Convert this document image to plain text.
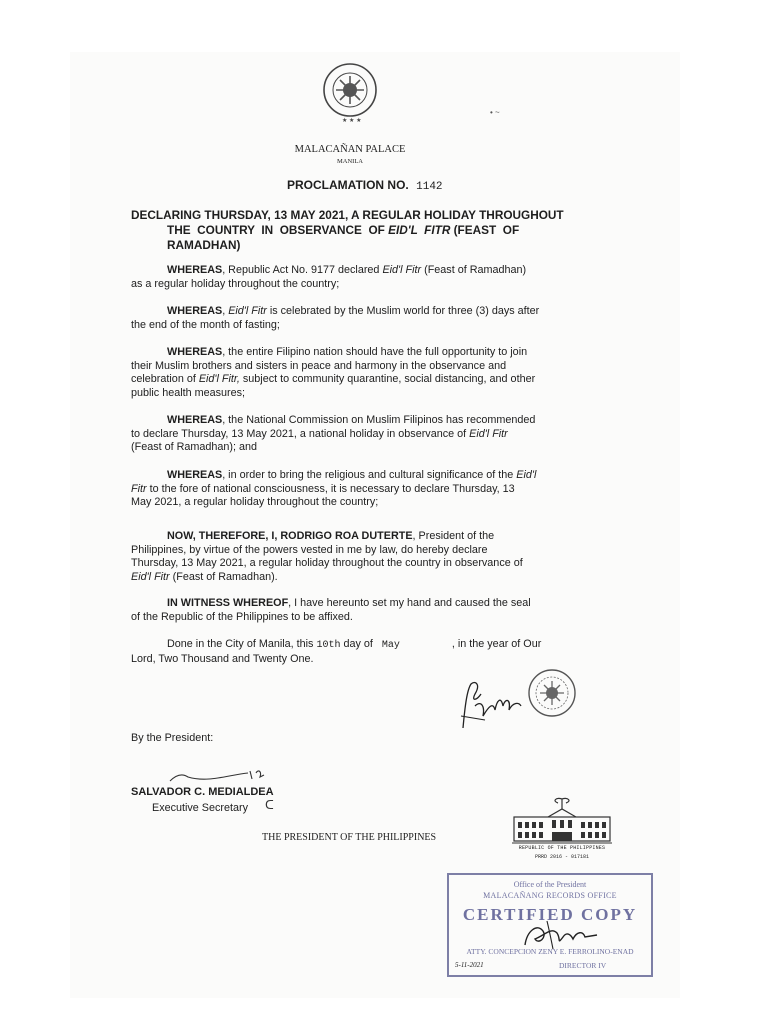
★ ★ ★
• ~
MALACAÑAN PALACE
MANILA
PROCLAMATION NO. 1142
DECLARING THURSDAY, 13 MAY 2021, A REGULAR HOLIDAY THROUGHOUT
THE  COUNTRY  IN  OBSERVANCE  OF EID'L  FITR (FEAST  OF
RAMADHAN)
WHEREAS, Republic Act No. 9177 declared Eid'l Fitr (Feast of Ramadhan)
as a regular holiday throughout the country;
WHEREAS, Eid'l Fitr is celebrated by the Muslim world for three (3) days after
the end of the month of fasting;
WHEREAS, the entire Filipino nation should have the full opportunity to join
their Muslim brothers and sisters in peace and harmony in the observance and
celebration of Eid'l Fitr, subject to community quarantine, social distancing, and other
public health measures;
WHEREAS, the National Commission on Muslim Filipinos has recommended
to declare Thursday, 13 May 2021, a national holiday in observance of Eid'l Fitr
(Feast of Ramadhan); and
WHEREAS, in order to bring the religious and cultural significance of the Eid'l
Fitr to the fore of national consciousness, it is necessary to declare Thursday, 13
May 2021, a regular holiday throughout the country;
NOW, THEREFORE, I, RODRIGO ROA DUTERTE, President of the
Philippines, by virtue of the powers vested in me by law, do hereby declare
Thursday, 13 May 2021, a regular holiday throughout the country in observance of
Eid'l Fitr (Feast of Ramadhan).
IN WITNESS WHEREOF, I have hereunto set my hand and caused the seal
of the Republic of the Philippines to be affixed.
Done in the City of Manila, this 10th day of May	, in the year of Our
Lord, Two Thousand and Twenty One.
By the President:
SALVADOR C. MEDIALDEA
Executive Secretary ᑕ
THE PRESIDENT OF THE PHILIPPINES
REPUBLIC OF THE PHILIPPINES
PRRD 2016 - 017181
Office of the President
MALACAÑANG RECORDS OFFICE
CERTIFIED COPY
ATTY. CONCEPCION ZENY E. FERROLINO-ENAD
5-11-2021	DIRECTOR IV
